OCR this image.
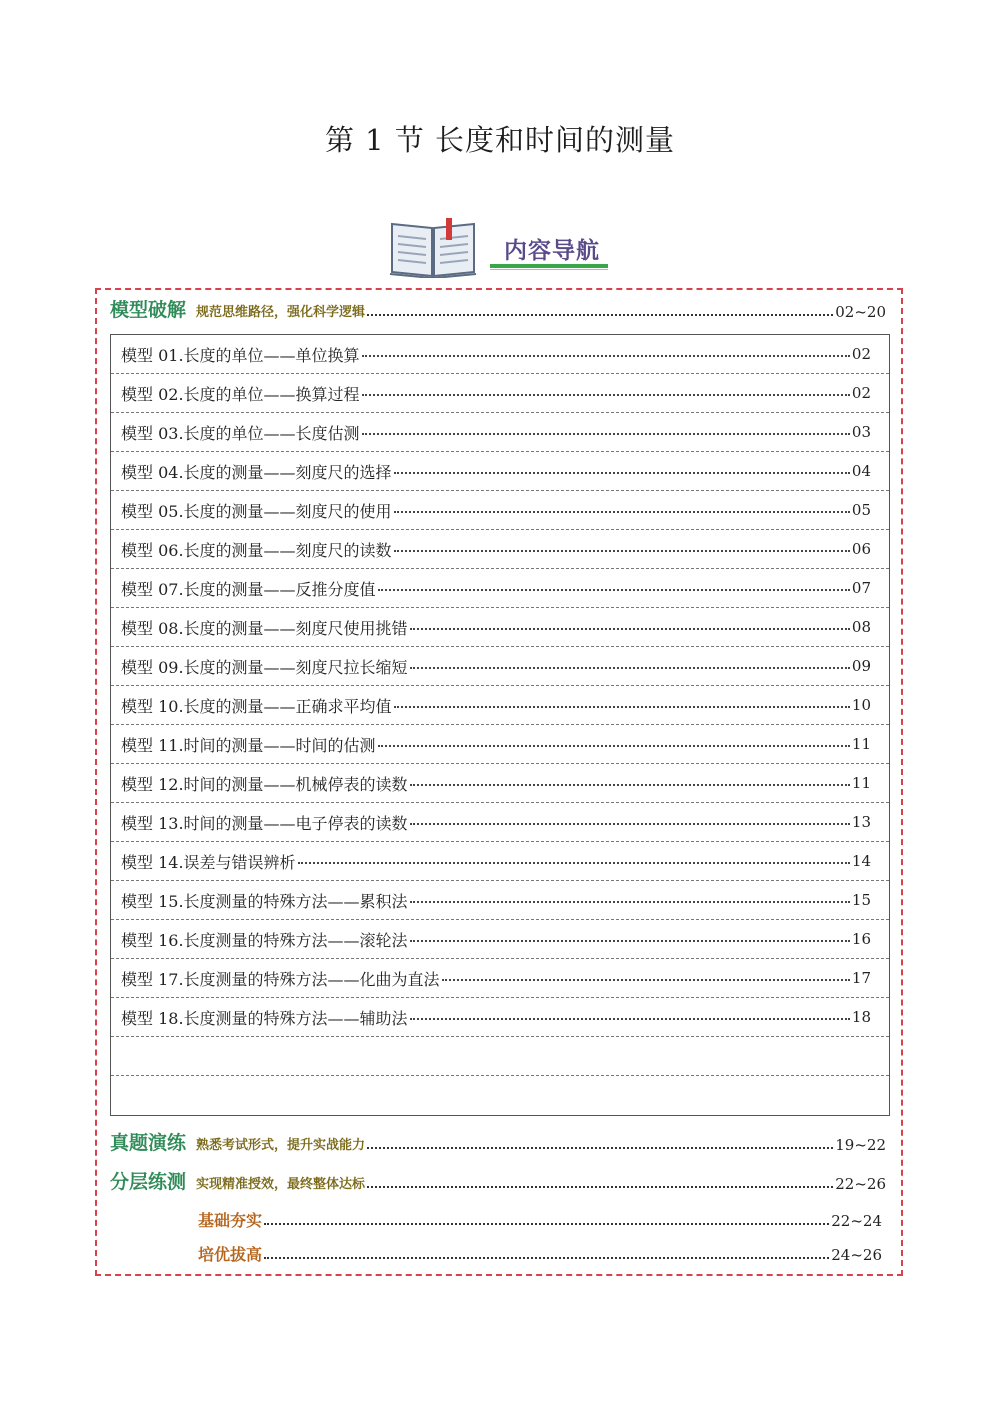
第 1 节 长度和时间的测量
内容导航
模型破解 规范思维路径，强化科学逻辑	02~20
模型 01.长度的单位——单位换算	02
模型 02.长度的单位——换算过程	02
模型 03.长度的单位——长度估测	03
模型 04.长度的测量——刻度尺的选择	04
模型 05.长度的测量——刻度尺的使用	05
模型 06.长度的测量——刻度尺的读数	06
模型 07.长度的测量——反推分度值	07
模型 08.长度的测量——刻度尺使用挑错	08
模型 09.长度的测量——刻度尺拉长缩短	09
模型 10.长度的测量——正确求平均值	10
模型 11.时间的测量——时间的估测	11
模型 12.时间的测量——机械停表的读数	11
模型 13.时间的测量——电子停表的读数	13
模型 14.误差与错误辨析	14
模型 15.长度测量的特殊方法——累积法	15
模型 16.长度测量的特殊方法——滚轮法	16
模型 17.长度测量的特殊方法——化曲为直法	17
模型 18.长度测量的特殊方法——辅助法	18
真题演练 熟悉考试形式，提升实战能力	19~22
分层练测 实现精准授效，最终整体达标	22~26
基础夯实	22~24
培优拔高	24~26
